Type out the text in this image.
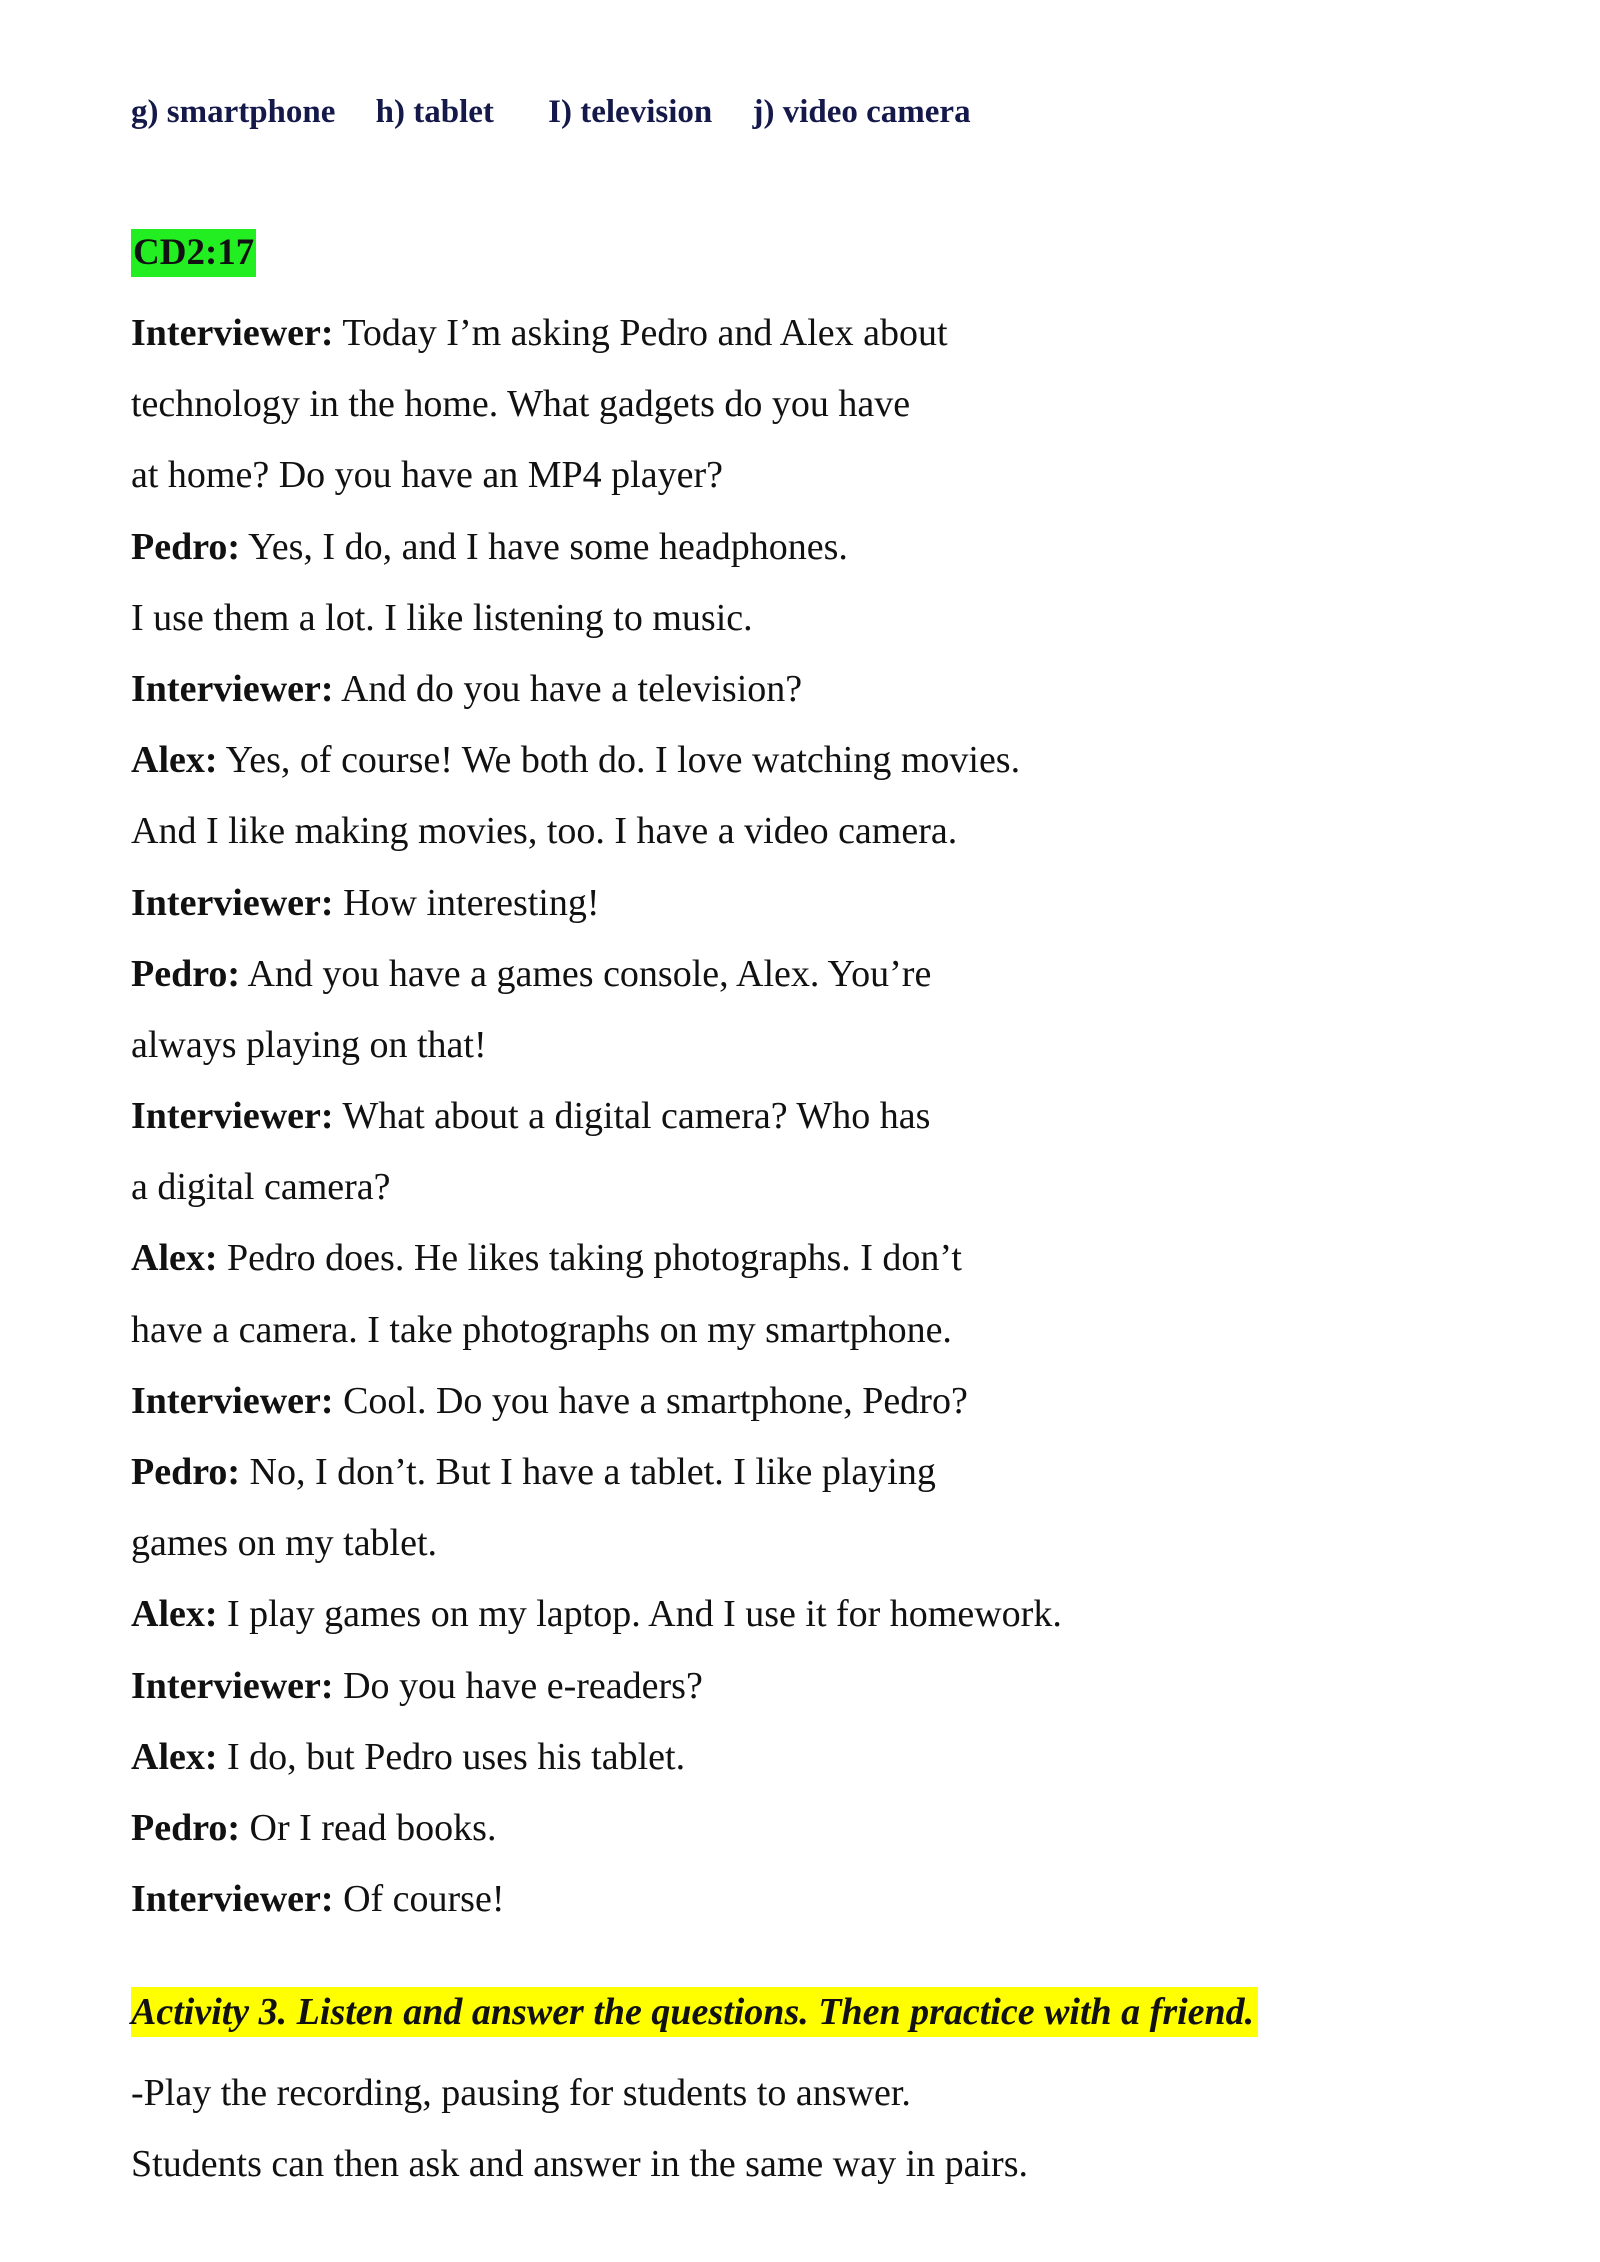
g) smartphone h) tablet I) television j) video camera
CD2:17
Interviewer: Today I’m asking Pedro and Alex about
technology in the home. What gadgets do you have
at home? Do you have an MP4 player?
Pedro: Yes, I do, and I have some headphones.
I use them a lot. I like listening to music.
Interviewer: And do you have a television?
Alex: Yes, of course! We both do. I love watching movies.
And I like making movies, too. I have a video camera.
Interviewer: How interesting!
Pedro: And you have a games console, Alex. You’re
always playing on that!
Interviewer: What about a digital camera? Who has
a digital camera?
Alex: Pedro does. He likes taking photographs. I don’t
have a camera. I take photographs on my smartphone.
Interviewer: Cool. Do you have a smartphone, Pedro?
Pedro: No, I don’t. But I have a tablet. I like playing
games on my tablet.
Alex: I play games on my laptop. And I use it for homework.
Interviewer: Do you have e-readers?
Alex: I do, but Pedro uses his tablet.
Pedro: Or I read books.
Interviewer: Of course!
Activity 3. Listen and answer the questions. Then practice with a friend.
-Play the recording, pausing for students to answer.
Students can then ask and answer in the same way in pairs.
